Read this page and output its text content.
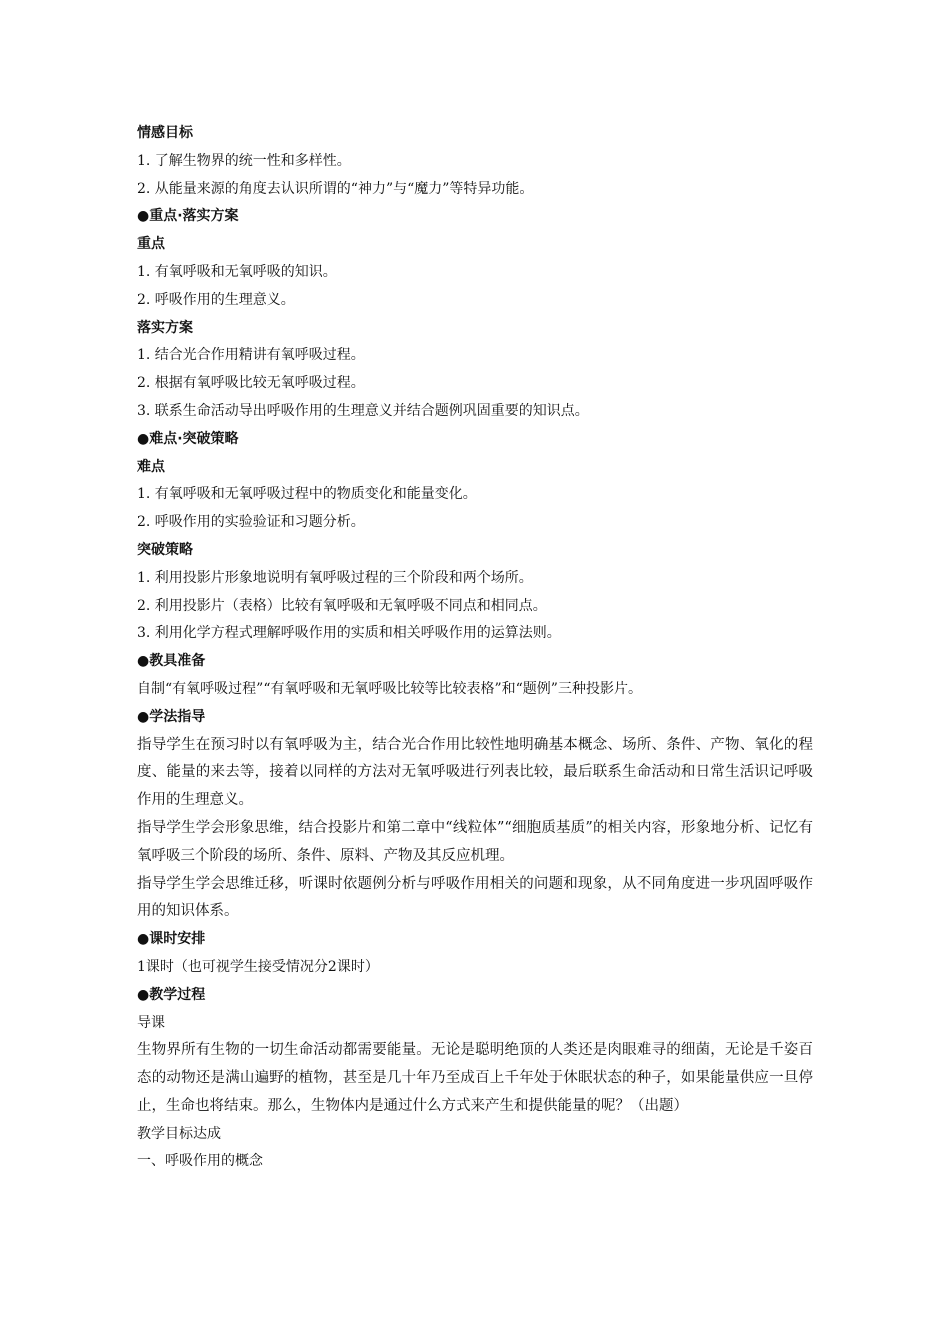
情感目标
1. 了解生物界的统一性和多样性。
2. 从能量来源的角度去认识所谓的“神力”与“魔力”等特异功能。
●重点·落实方案
重点
1. 有氧呼吸和无氧呼吸的知识。
2. 呼吸作用的生理意义。
落实方案
1. 结合光合作用精讲有氧呼吸过程。
2. 根据有氧呼吸比较无氧呼吸过程。
3. 联系生命活动导出呼吸作用的生理意义并结合题例巩固重要的知识点。
●难点·突破策略
难点
1. 有氧呼吸和无氧呼吸过程中的物质变化和能量变化。
2. 呼吸作用的实验验证和习题分析。
突破策略
1. 利用投影片形象地说明有氧呼吸过程的三个阶段和两个场所。
2. 利用投影片（表格）比较有氧呼吸和无氧呼吸不同点和相同点。
3. 利用化学方程式理解呼吸作用的实质和相关呼吸作用的运算法则。
●教具准备
自制“有氧呼吸过程”“有氧呼吸和无氧呼吸比较等比较表格”和“题例”三种投影片。
●学法指导
指导学生在预习时以有氧呼吸为主，结合光合作用比较性地明确基本概念、场所、条件、产物、氧化的程度、能量的来去等，接着以同样的方法对无氧呼吸进行列表比较，最后联系生命活动和日常生活识记呼吸作用的生理意义。
指导学生学会形象思维，结合投影片和第二章中“线粒体”“细胞质基质”的相关内容，形象地分析、记忆有氧呼吸三个阶段的场所、条件、原料、产物及其反应机理。
指导学生学会思维迁移，听课时依题例分析与呼吸作用相关的问题和现象，从不同角度进一步巩固呼吸作用的知识体系。
●课时安排
1课时（也可视学生接受情况分2课时）
●教学过程
导课
生物界所有生物的一切生命活动都需要能量。无论是聪明绝顶的人类还是肉眼难寻的细菌，无论是千姿百态的动物还是满山遍野的植物，甚至是几十年乃至成百上千年处于休眠状态的种子，如果能量供应一旦停止，生命也将结束。那么，生物体内是通过什么方式来产生和提供能量的呢？（出题）
教学目标达成
一、呼吸作用的概念
